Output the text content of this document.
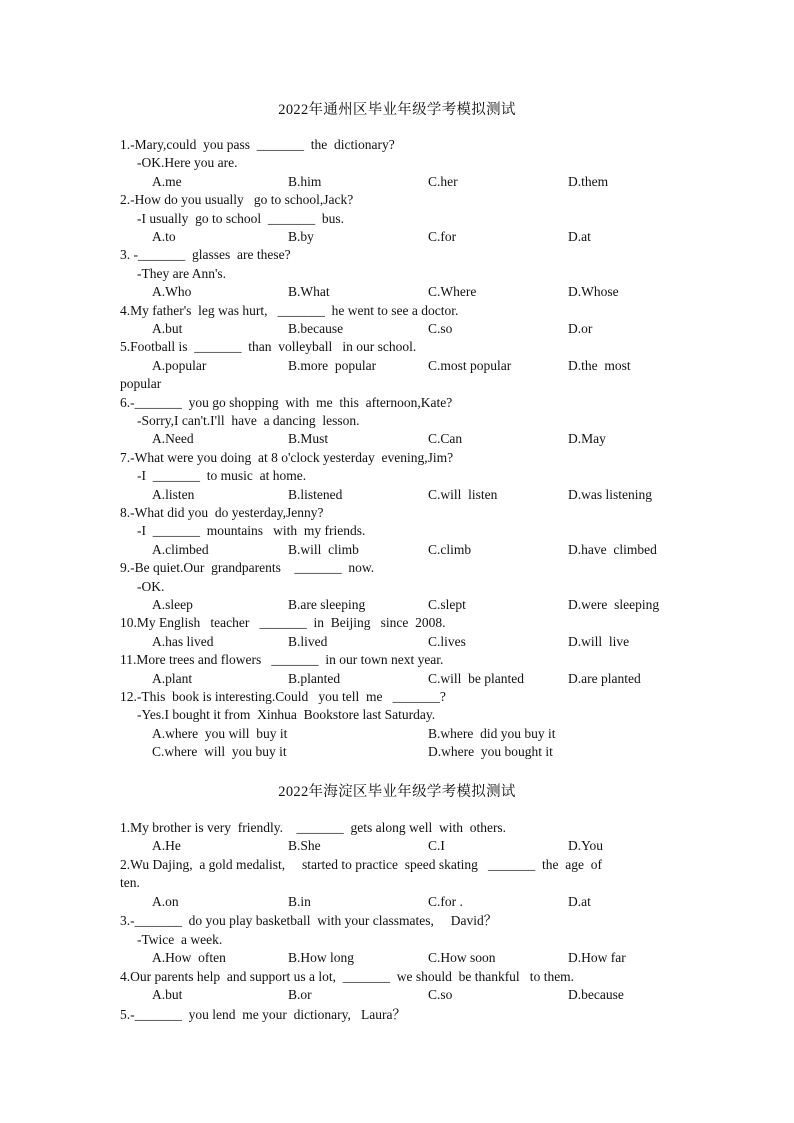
2022年通州区毕业年级学考模拟测试
1.-Mary,could  you pass  _______  the  dictionary?
-OK.Here you are.
A.me	B.him	C.her	D.them
2.-How do you usually   go to school,Jack?
-I usually  go to school  _______  bus.
A.to	B.by	C.for	D.at
3. -_______  glasses  are these?
-They are Ann's.
A.Who	B.What	C.Where	D.Whose
4.My father's  leg was hurt,   _______  he went to see a doctor.
A.but	B.because	C.so	D.or
5.Football is  _______  than  volleyball   in our school.
A.popular	B.more  popular	C.most popular	D.the  most
popular
6.-_______  you go shopping  with  me  this  afternoon,Kate?
-Sorry,I can't.I'll  have  a dancing  lesson.
A.Need	B.Must	C.Can	D.May
7.-What were you doing  at 8 o'clock yesterday  evening,Jim?
-I  _______  to music  at home.
A.listen	B.listened	C.will  listen	D.was listening
8.-What did you  do yesterday,Jenny?
-I  _______  mountains   with  my friends.
A.climbed	B.will  climb	C.climb	D.have  climbed
9.-Be quiet.Our  grandparents    _______  now.
-OK.
A.sleep	B.are sleeping	C.slept	D.were  sleeping
10.My English   teacher   _______  in  Beijing   since  2008.
A.has lived	B.lived	C.lives	D.will  live
11.More trees and flowers   _______  in our town next year.
A.plant	B.planted	C.will  be planted	D.are planted
12.-This  book is interesting.Could   you tell  me   _______?
-Yes.I bought it from  Xinhua  Bookstore last Saturday.
A.where  you will  buy it	B.where  did you buy it
C.where  will  you buy it	D.where  you bought it
2022年海淀区毕业年级学考模拟测试
1.My brother is very  friendly.    _______  gets along well  with  others.
A.He	B.She	C.I	D.You
2.Wu Dajing,  a gold medalist,     started to practice  speed skating   _______  the  age  of
ten.
A.on	B.in	C.for .	D.at
3.-_______  do you play basketball  with your classmates,     David？
-Twice  a week.
A.How  often	B.How long	C.How soon	D.How far
4.Our parents help  and support us a lot,  _______  we should  be thankful   to them.
A.but	B.or	C.so	D.because
5.-_______  you lend  me your  dictionary,   Laura？
